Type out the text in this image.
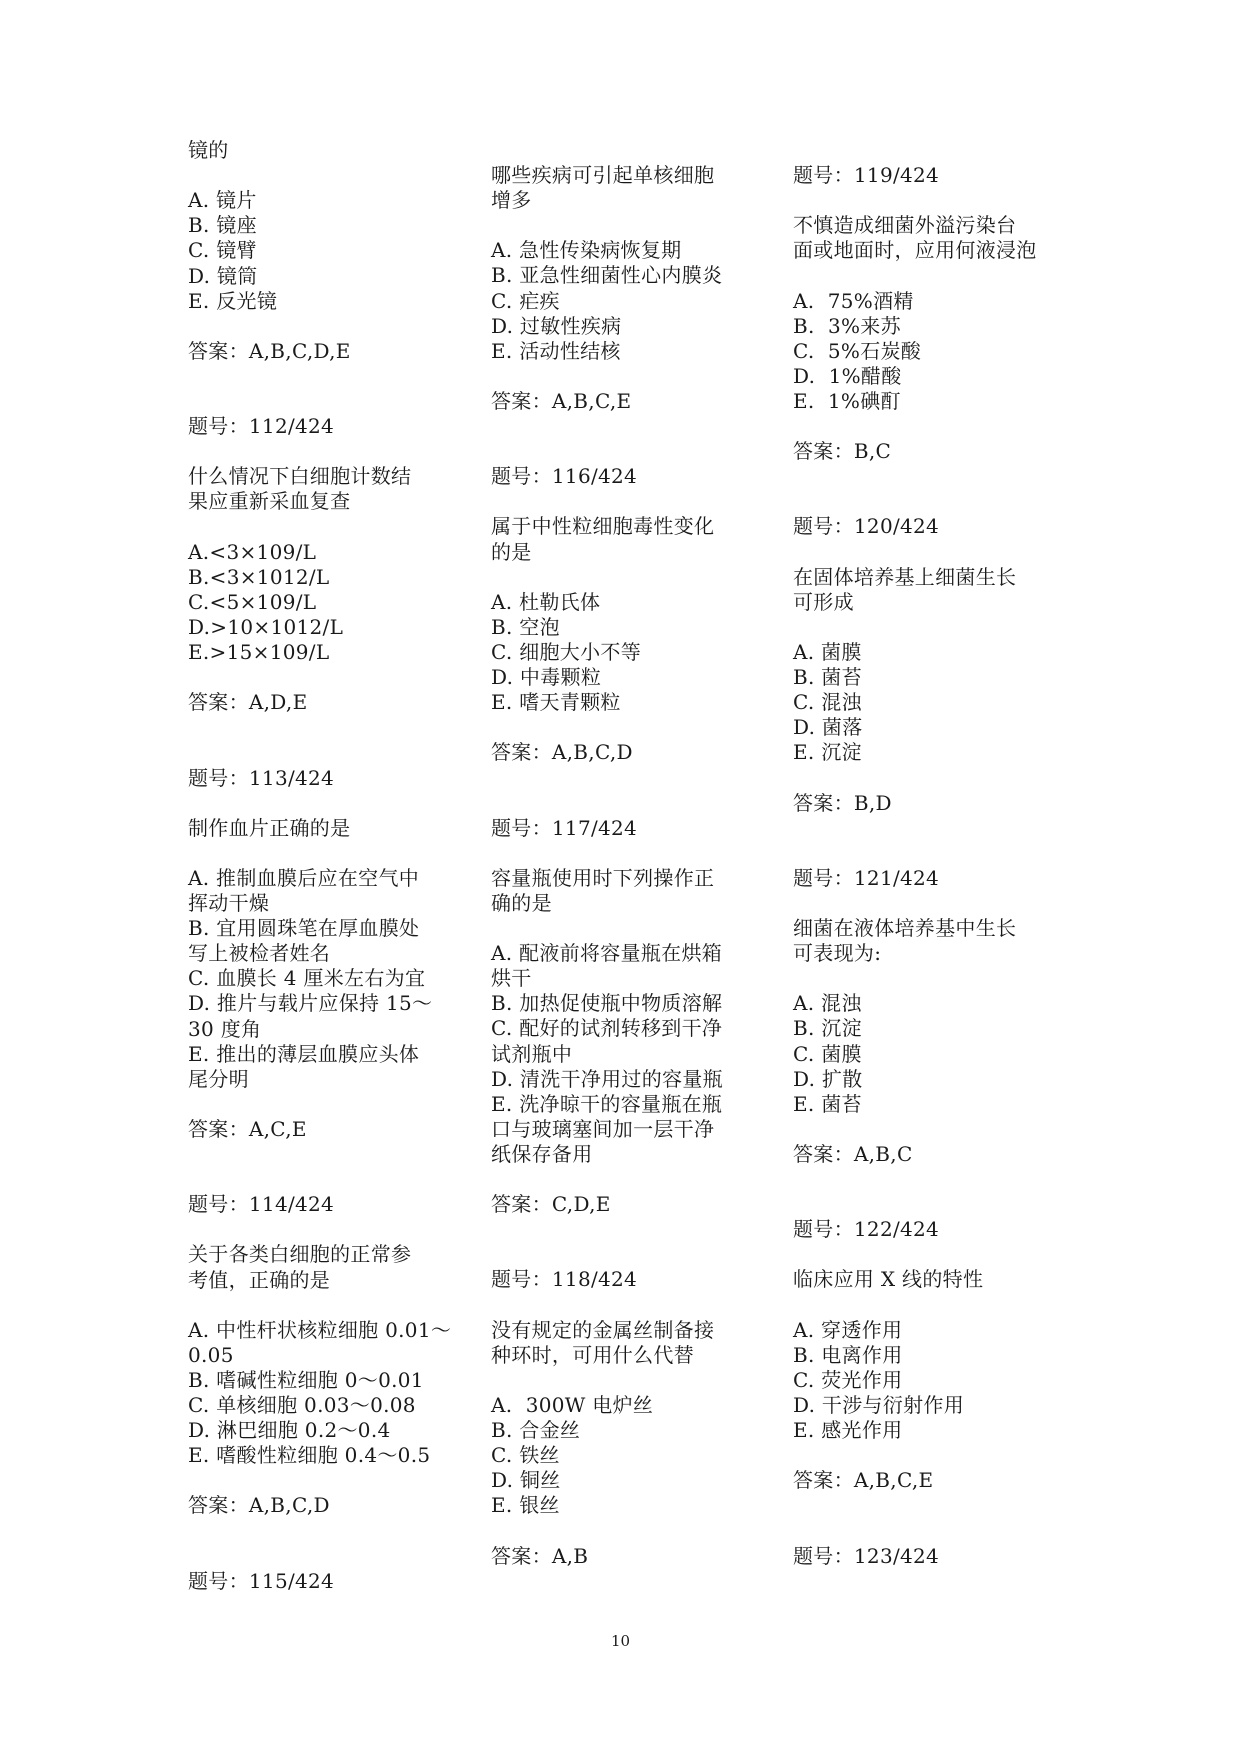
镜的
A. 镜片
B. 镜座
C. 镜臂
D. 镜筒
E. 反光镜
答案：A,B,C,D,E
题号：112/424
什么情况下白细胞计数结
果应重新采血复查
A.<3×109/L
B.<3×1012/L
C.<5×109/L
D.>10×1012/L
E.>15×109/L
答案：A,D,E
题号：113/424
制作血片正确的是
A. 推制血膜后应在空气中
挥动干燥
B. 宜用圆珠笔在厚血膜处
写上被检者姓名
C. 血膜长 4 厘米左右为宜
D. 推片与载片应保持 15～
30 度角
E. 推出的薄层血膜应头体
尾分明
答案：A,C,E
题号：114/424
关于各类白细胞的正常参
考值，正确的是
A. 中性杆状核粒细胞 0.01～
0.05
B. 嗜碱性粒细胞 0～0.01
C. 单核细胞 0.03～0.08
D. 淋巴细胞 0.2～0.4
E. 嗜酸性粒细胞 0.4～0.5
答案：A,B,C,D
题号：115/424
哪些疾病可引起单核细胞
增多
A. 急性传染病恢复期
B. 亚急性细菌性心内膜炎
C. 疟疾
D. 过敏性疾病
E. 活动性结核
答案：A,B,C,E
题号：116/424
属于中性粒细胞毒性变化
的是
A. 杜勒氏体
B. 空泡
C. 细胞大小不等
D. 中毒颗粒
E. 嗜天青颗粒
答案：A,B,C,D
题号：117/424
容量瓶使用时下列操作正
确的是
A. 配液前将容量瓶在烘箱
烘干
B. 加热促使瓶中物质溶解
C. 配好的试剂转移到干净
试剂瓶中
D. 清洗干净用过的容量瓶
E. 洗净晾干的容量瓶在瓶
口与玻璃塞间加一层干净
纸保存备用
答案：C,D,E
题号：118/424
没有规定的金属丝制备接
种环时，可用什么代替
A.  300W 电炉丝
B. 合金丝
C. 铁丝
D. 铜丝
E. 银丝
答案：A,B
题号：119/424
不慎造成细菌外溢污染台
面或地面时，应用何液浸泡
A.  75%酒精
B.  3%来苏
C.  5%石炭酸
D.  1%醋酸
E.  1%碘酊
答案：B,C
题号：120/424
在固体培养基上细菌生长
可形成
A. 菌膜
B. 菌苔
C. 混浊
D. 菌落
E. 沉淀
答案：B,D
题号：121/424
细菌在液体培养基中生长
可表现为:
A. 混浊
B. 沉淀
C. 菌膜
D. 扩散
E. 菌苔
答案：A,B,C
题号：122/424
临床应用 X 线的特性
A. 穿透作用
B. 电离作用
C. 荧光作用
D. 干涉与衍射作用
E. 感光作用
答案：A,B,C,E
题号：123/424
10
